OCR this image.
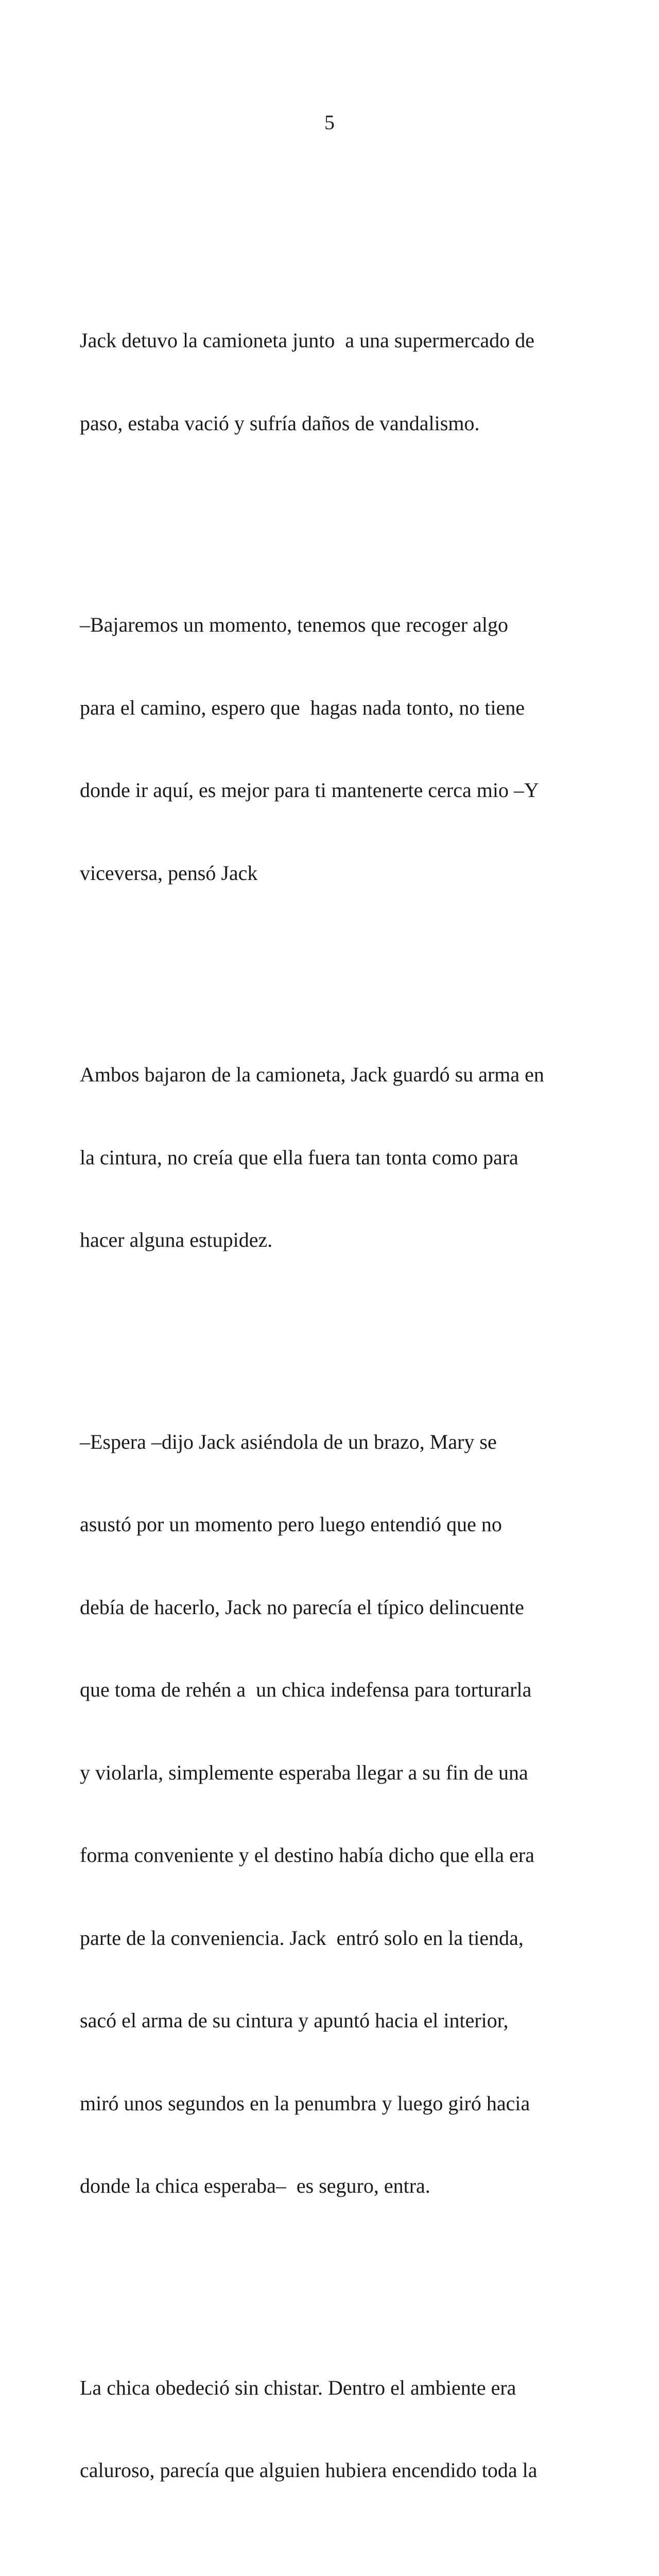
5

Jack detuvo la camioneta junto  a una supermercado de

paso, estaba vació y sufría daños de vandalismo.

–Bajaremos un momento, tenemos que recoger algo

para el camino, espero que  hagas nada tonto, no tiene

donde ir aquí, es mejor para ti mantenerte cerca mio –Y

viceversa, pensó Jack

Ambos bajaron de la camioneta, Jack guardó su arma en

la cintura, no creía que ella fuera tan tonta como para

hacer alguna estupidez.

–Espera –dijo Jack asiéndola de un brazo, Mary se

asustó por un momento pero luego entendió que no

debía de hacerlo, Jack no parecía el típico delincuente

que toma de rehén a  un chica indefensa para torturarla

y violarla, simplemente esperaba llegar a su fin de una

forma conveniente y el destino había dicho que ella era

parte de la conveniencia. Jack  entró solo en la tienda,

sacó el arma de su cintura y apuntó hacia el interior,

miró unos segundos en la penumbra y luego giró hacia

donde la chica esperaba–  es seguro, entra.

La chica obedeció sin chistar. Dentro el ambiente era

caluroso, parecía que alguien hubiera encendido toda la
